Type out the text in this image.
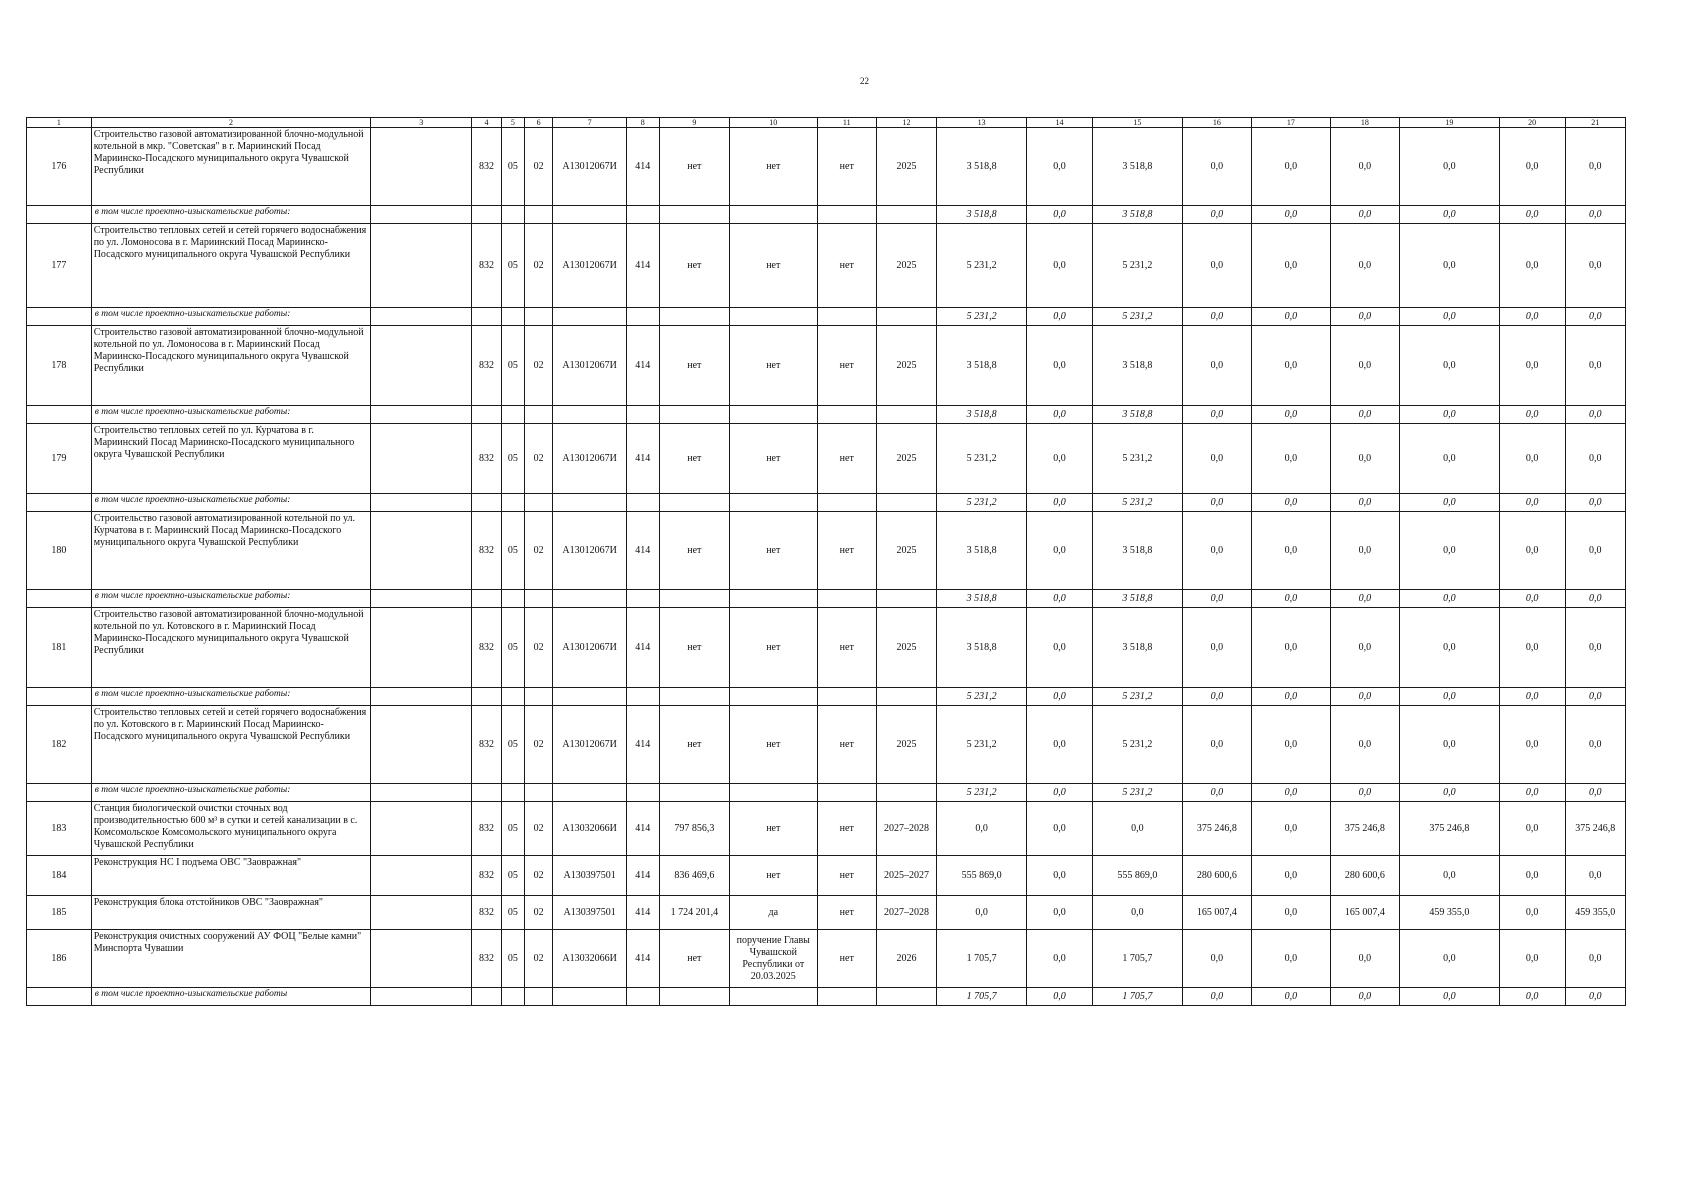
22
1	2	3	4	5	6	7	8	9	10	11	12	13	14	15	16	17	18	19	20	21
176	Строительство газовой автоматизированной блочно-модульной котельной в мкр. "Советская" в г. Мариинский Посад Мариинско-Посадского муниципального округа Чувашской Республики		832	05	02	A13012067И	414	нет	нет	нет	2025	3 518,8	0,0	3 518,8	0,0	0,0	0,0	0,0	0,0	0,0
	в том числе проектно-изыскательские работы:											3 518,8	0,0	3 518,8	0,0	0,0	0,0	0,0	0,0	0,0
177	Строительство тепловых сетей и сетей горячего водоснабжения по ул. Ломоносова в г. Мариинский Посад Мариинско-Посадского муниципального округа Чувашской Республики		832	05	02	A13012067И	414	нет	нет	нет	2025	5 231,2	0,0	5 231,2	0,0	0,0	0,0	0,0	0,0	0,0
	в том числе проектно-изыскательские работы:											5 231,2	0,0	5 231,2	0,0	0,0	0,0	0,0	0,0	0,0
178	Строительство газовой автоматизированной блочно-модульной котельной по ул. Ломоносова в г. Мариинский Посад Мариинско-Посадского муниципального округа Чувашской Республики		832	05	02	A13012067И	414	нет	нет	нет	2025	3 518,8	0,0	3 518,8	0,0	0,0	0,0	0,0	0,0	0,0
	в том числе проектно-изыскательские работы:											3 518,8	0,0	3 518,8	0,0	0,0	0,0	0,0	0,0	0,0
179	Строительство тепловых сетей по ул. Курчатова в г. Мариинский Посад Мариинско-Посадского муниципального округа Чувашской Республики		832	05	02	A13012067И	414	нет	нет	нет	2025	5 231,2	0,0	5 231,2	0,0	0,0	0,0	0,0	0,0	0,0
	в том числе проектно-изыскательские работы:											5 231,2	0,0	5 231,2	0,0	0,0	0,0	0,0	0,0	0,0
180	Строительство газовой автоматизированной котельной по ул. Курчатова в г. Мариинский Посад Мариинско-Посадского муниципального округа Чувашской Республики		832	05	02	A13012067И	414	нет	нет	нет	2025	3 518,8	0,0	3 518,8	0,0	0,0	0,0	0,0	0,0	0,0
	в том числе проектно-изыскательские работы:											3 518,8	0,0	3 518,8	0,0	0,0	0,0	0,0	0,0	0,0
181	Строительство газовой автоматизированной блочно-модульной котельной по ул. Котовского в г. Мариинский Посад Мариинско-Посадского муниципального округа Чувашской Республики		832	05	02	A13012067И	414	нет	нет	нет	2025	3 518,8	0,0	3 518,8	0,0	0,0	0,0	0,0	0,0	0,0
	в том числе проектно-изыскательские работы:											5 231,2	0,0	5 231,2	0,0	0,0	0,0	0,0	0,0	0,0
182	Строительство тепловых сетей и сетей горячего водоснабжения по ул. Котовского в г. Мариинский Посад Мариинско-Посадского муниципального округа Чувашской Республики		832	05	02	A13012067И	414	нет	нет	нет	2025	5 231,2	0,0	5 231,2	0,0	0,0	0,0	0,0	0,0	0,0
	в том числе проектно-изыскательские работы:											5 231,2	0,0	5 231,2	0,0	0,0	0,0	0,0	0,0	0,0
183	Станция биологической очистки сточных вод производительностью 600 м³ в сутки и сетей канализации в с. Комсомольское Комсомольского муниципального округа Чувашской Республики		832	05	02	A13032066И	414	797 856,3	нет	нет	2027–2028	0,0	0,0	0,0	375 246,8	0,0	375 246,8	375 246,8	0,0	375 246,8
184	Реконструкция НС I подъема ОВС "Заовражная"		832	05	02	A130397501	414	836 469,6	нет	нет	2025–2027	555 869,0	0,0	555 869,0	280 600,6	0,0	280 600,6	0,0	0,0	0,0
185	Реконструкция блока отстойников ОВС "Заовражная"		832	05	02	A130397501	414	1 724 201,4	да	нет	2027–2028	0,0	0,0	0,0	165 007,4	0,0	165 007,4	459 355,0	0,0	459 355,0
186	Реконструкция очистных сооружений АУ ФОЦ "Белые камни" Минспорта Чувашии		832	05	02	A13032066И	414	нет	поручение Главы Чувашской Республики от 20.03.2025	нет	2026	1 705,7	0,0	1 705,7	0,0	0,0	0,0	0,0	0,0	0,0
	в том числе проектно-изыскательские работы											1 705,7	0,0	1 705,7	0,0	0,0	0,0	0,0	0,0	0,0
